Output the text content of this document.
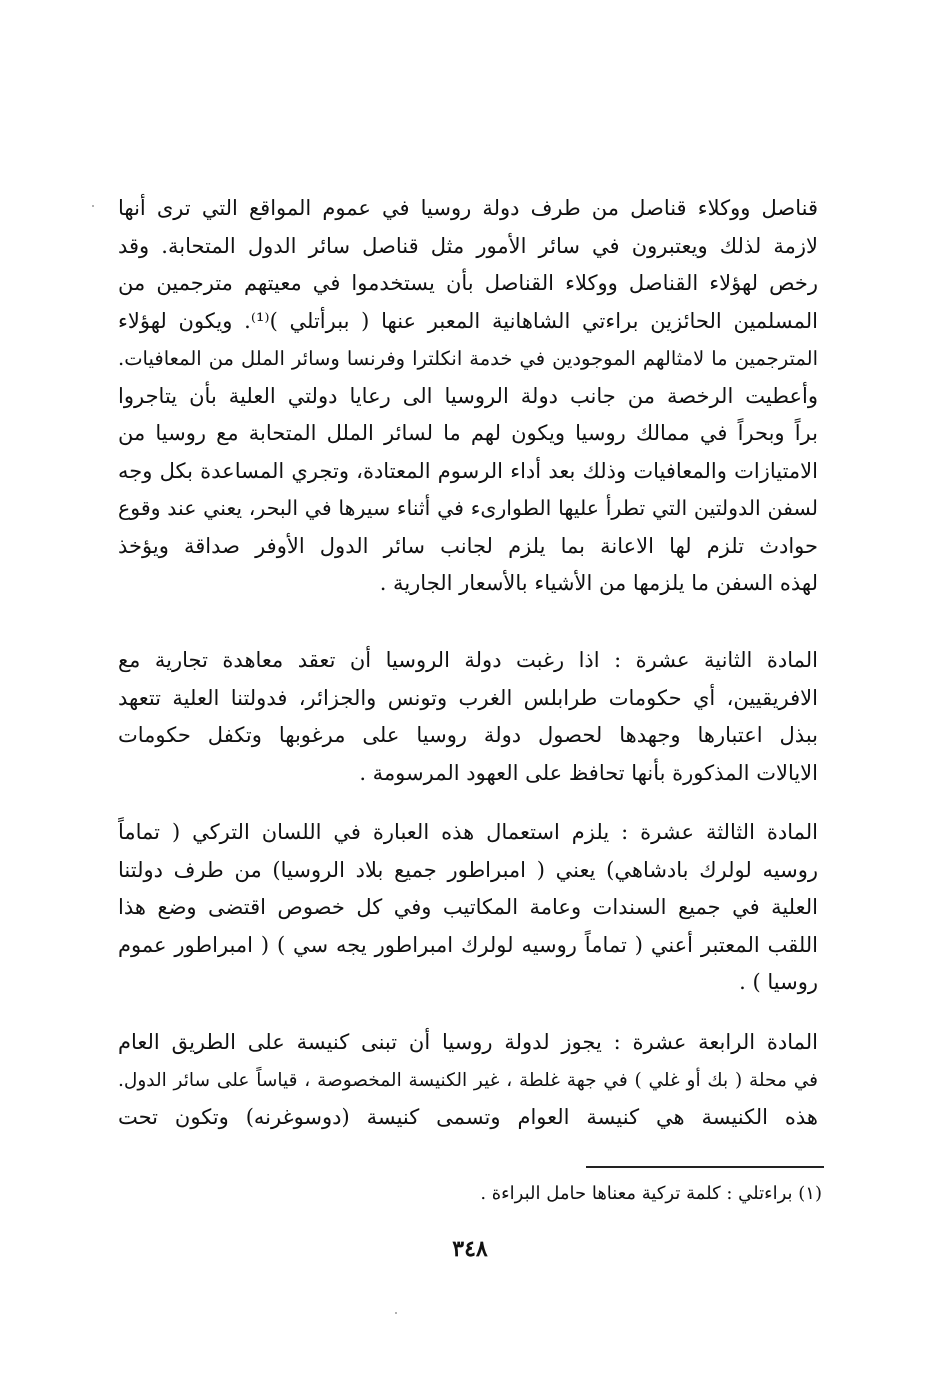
قناصل ووكلاء قناصل من طرف دولة روسيا في عموم المواقع التي ترى أنها
لازمة لذلك ويعتبرون في سائر الأمور مثل قناصل سائر الدول المتحابة. وقد
رخص لهؤلاء القناصل ووكلاء القناصل بأن يستخدموا في معيتهم مترجمين من
المسلمين الحائزين براءتي الشاهانية المعبر عنها ( ببرأتلي )⁽¹⁾. ويكون لهؤلاء
المترجمين ما لامثالهم الموجودين في خدمة انكلترا وفرنسا وسائر الملل من المعافيات.
وأعطيت الرخصة من جانب دولة الروسيا الى رعايا دولتي العلية بأن يتاجروا
براً وبحراً في ممالك روسيا ويكون لهم ما لسائر الملل المتحابة مع روسيا من
الامتيازات والمعافيات وذلك بعد أداء الرسوم المعتادة، وتجري المساعدة بكل وجه
لسفن الدولتين التي تطرأ عليها الطوارىء في أثناء سيرها في البحر، يعني عند وقوع
حوادث تلزم لها الاعانة بما يلزم لجانب سائر الدول الأوفر صداقة ويؤخذ
لهذه السفن ما يلزمها من الأشياء بالأسعار الجارية .

المادة الثانية عشرة : اذا رغبت دولة الروسيا أن تعقد معاهدة تجارية مع
الافريقيين، أي حكومات طرابلس الغرب وتونس والجزائر، فدولتنا العلية تتعهد
ببذل اعتبارها وجهدها لحصول دولة روسيا على مرغوبها وتكفل حكومات
الايالات المذكورة بأنها تحافظ على العهود المرسومة .

المادة الثالثة عشرة : يلزم استعمال هذه العبارة في اللسان التركي ( تماماً
روسيه لولرك بادشاهي) يعني ( امبراطور جميع بلاد الروسيا) من طرف دولتنا
العلية في جميع السندات وعامة المكاتيب وفي كل خصوص اقتضى وضع هذا
اللقب المعتبر أعني ( تماماً روسيه لولرك امبراطور يجه سي ) ( امبراطور عموم
روسيا ) .

المادة الرابعة عشرة : يجوز لدولة روسيا أن تبنى كنيسة على الطريق العام
في محلة ( بك أو غلي ) في جهة غلطة ، غير الكنيسة المخصوصة ، قياساً على سائر الدول.
هذه الكنيسة هي كنيسة العوام وتسمى كنيسة (دوسوغرنه) وتكون تحت

(١) براءتلي : كلمة تركية معناها حامل البراءة .

٣٤٨
